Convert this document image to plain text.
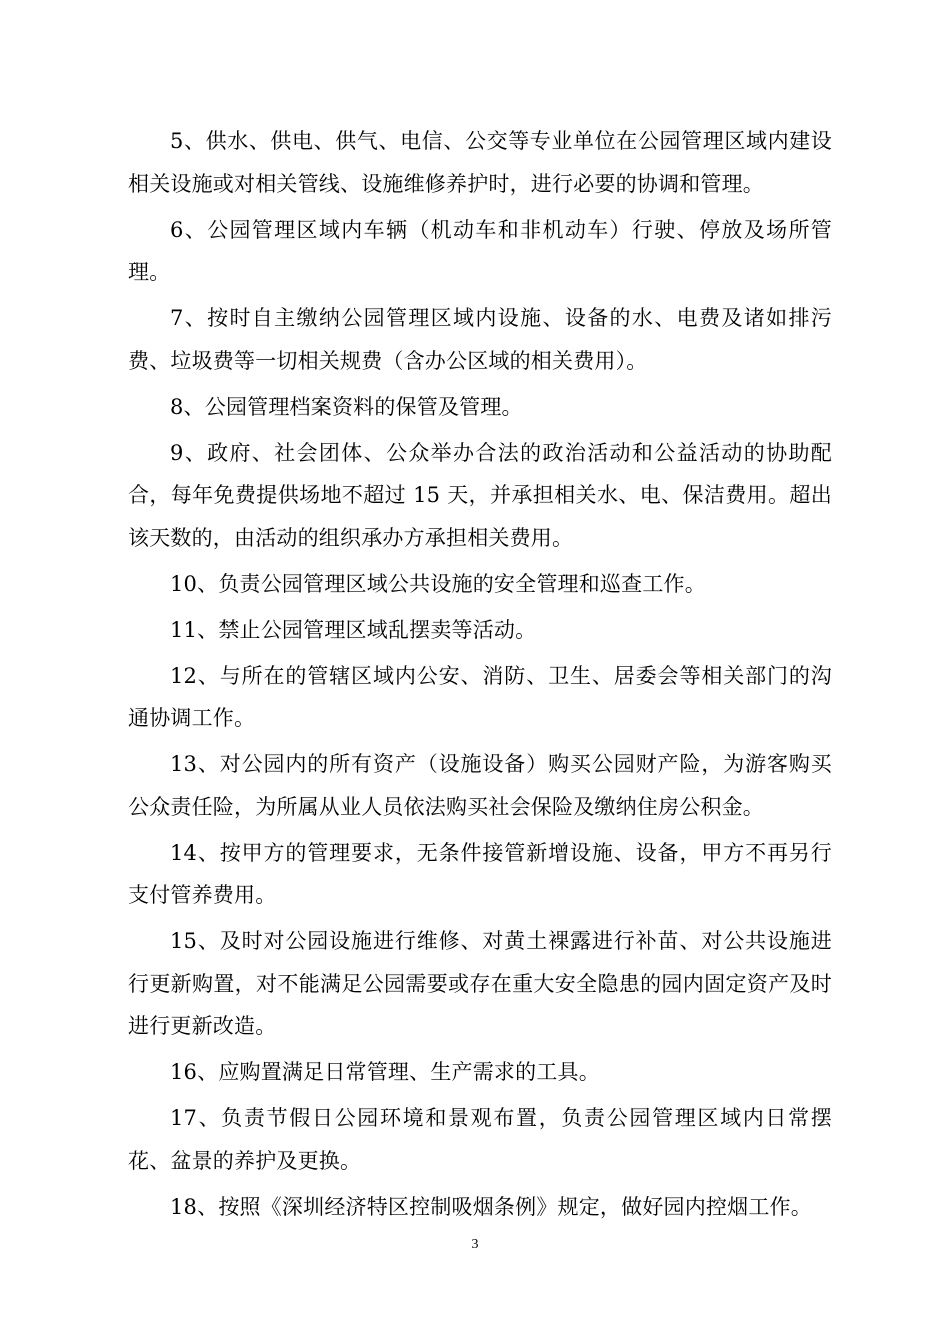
5、供水、供电、供气、电信、公交等专业单位在公园管理区域内建设相关设施或对相关管线、设施维修养护时，进行必要的协调和管理。

6、公园管理区域内车辆（机动车和非机动车）行驶、停放及场所管理。

7、按时自主缴纳公园管理区域内设施、设备的水、电费及诸如排污费、垃圾费等一切相关规费（含办公区域的相关费用）。

8、公园管理档案资料的保管及管理。

9、政府、社会团体、公众举办合法的政治活动和公益活动的协助配合，每年免费提供场地不超过 15 天，并承担相关水、电、保洁费用。超出该天数的，由活动的组织承办方承担相关费用。

10、负责公园管理区域公共设施的安全管理和巡查工作。

11、禁止公园管理区域乱摆卖等活动。

12、与所在的管辖区域内公安、消防、卫生、居委会等相关部门的沟通协调工作。

13、对公园内的所有资产（设施设备）购买公园财产险，为游客购买公众责任险，为所属从业人员依法购买社会保险及缴纳住房公积金。

14、按甲方的管理要求，无条件接管新增设施、设备，甲方不再另行支付管养费用。

15、及时对公园设施进行维修、对黄土裸露进行补苗、对公共设施进行更新购置，对不能满足公园需要或存在重大安全隐患的园内固定资产及时进行更新改造。

16、应购置满足日常管理、生产需求的工具。

17、负责节假日公园环境和景观布置，负责公园管理区域内日常摆花、盆景的养护及更换。

18、按照《深圳经济特区控制吸烟条例》规定，做好园内控烟工作。

3
